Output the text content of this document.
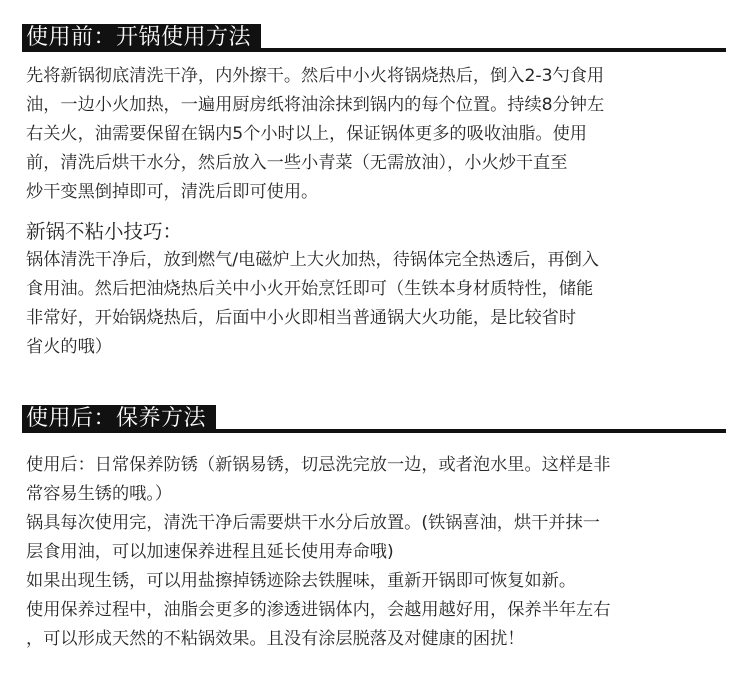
使用前：开锅使用方法

先将新锅彻底清洗干净，内外擦干。然后中小火将锅烧热后，倒入2-3勺食用
油，一边小火加热，一遍用厨房纸将油涂抹到锅内的每个位置。持续8分钟左
右关火，油需要保留在锅内5个小时以上，保证锅体更多的吸收油脂。使用
前，清洗后烘干水分，然后放入一些小青菜（无需放油），小火炒干直至
炒干变黑倒掉即可，清洗后即可使用。

新锅不粘小技巧：

锅体清洗干净后，放到燃气/电磁炉上大火加热，待锅体完全热透后，再倒入
食用油。然后把油烧热后关中小火开始烹饪即可（生铁本身材质特性，储能
非常好，开始锅烧热后，后面中小火即相当普通锅大火功能，是比较省时
省火的哦）

使用后：保养方法

使用后：日常保养防锈（新锅易锈，切忌洗完放一边，或者泡水里。这样是非
常容易生锈的哦。）
锅具每次使用完，清洗干净后需要烘干水分后放置。(铁锅喜油，烘干并抹一
层食用油，可以加速保养进程且延长使用寿命哦)
如果出现生锈，可以用盐擦掉锈迹除去铁腥味，重新开锅即可恢复如新。
使用保养过程中，油脂会更多的渗透进锅体内，会越用越好用，保养半年左右
，可以形成天然的不粘锅效果。且没有涂层脱落及对健康的困扰！
